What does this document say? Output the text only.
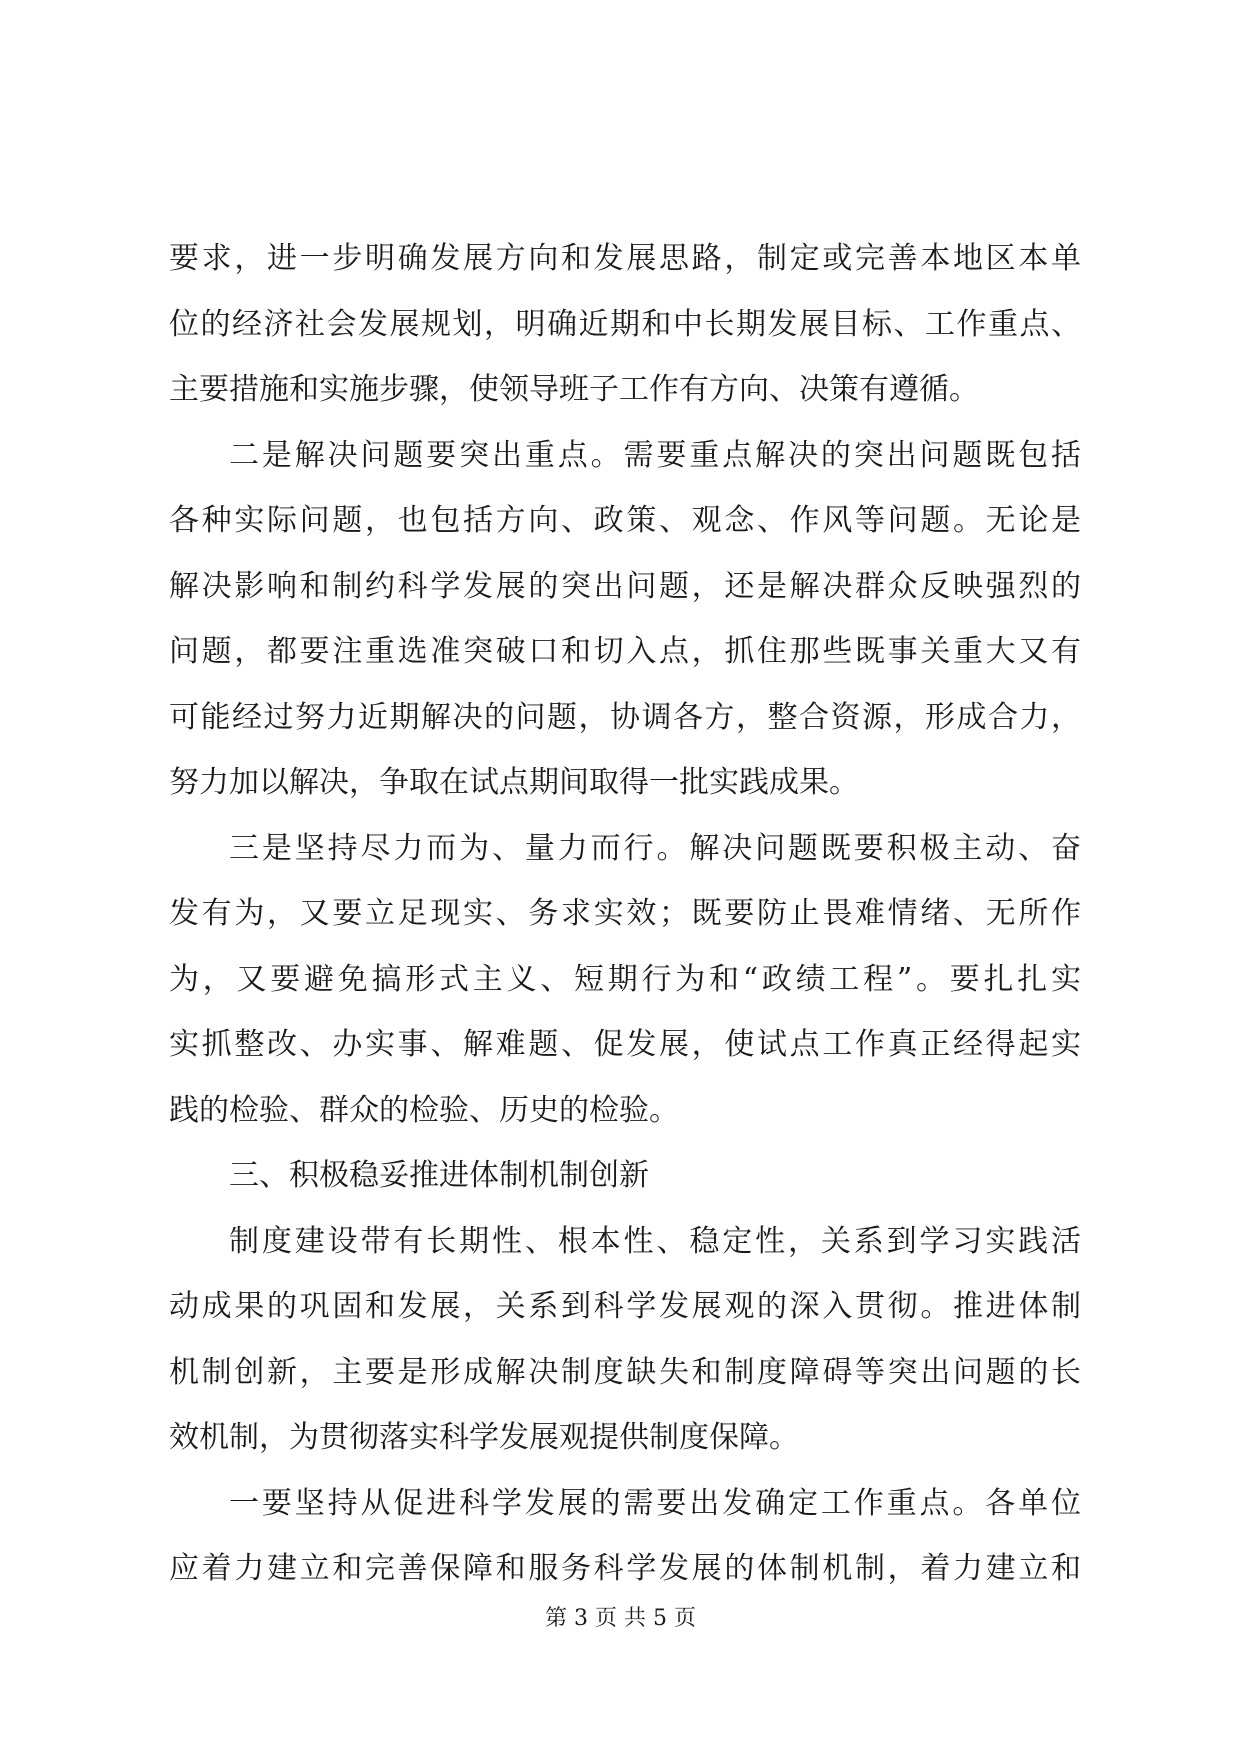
要求，进一步明确发展方向和发展思路，制定或完善本地区本单
位的经济社会发展规划，明确近期和中长期发展目标、工作重点、
主要措施和实施步骤，使领导班子工作有方向、决策有遵循。
二是解决问题要突出重点。需要重点解决的突出问题既包括
各种实际问题，也包括方向、政策、观念、作风等问题。无论是
解决影响和制约科学发展的突出问题，还是解决群众反映强烈的
问题，都要注重选准突破口和切入点，抓住那些既事关重大又有
可能经过努力近期解决的问题，协调各方，整合资源，形成合力，
努力加以解决，争取在试点期间取得一批实践成果。
三是坚持尽力而为、量力而行。解决问题既要积极主动、奋
发有为，又要立足现实、务求实效；既要防止畏难情绪、无所作
为，又要避免搞形式主义、短期行为和“政绩工程”。要扎扎实
实抓整改、办实事、解难题、促发展，使试点工作真正经得起实
践的检验、群众的检验、历史的检验。
三、积极稳妥推进体制机制创新
制度建设带有长期性、根本性、稳定性，关系到学习实践活
动成果的巩固和发展，关系到科学发展观的深入贯彻。推进体制
机制创新，主要是形成解决制度缺失和制度障碍等突出问题的长
效机制，为贯彻落实科学发展观提供制度保障。
一要坚持从促进科学发展的需要出发确定工作重点。各单位
应着力建立和完善保障和服务科学发展的体制机制，着力建立和
第 3 页 共 5 页
